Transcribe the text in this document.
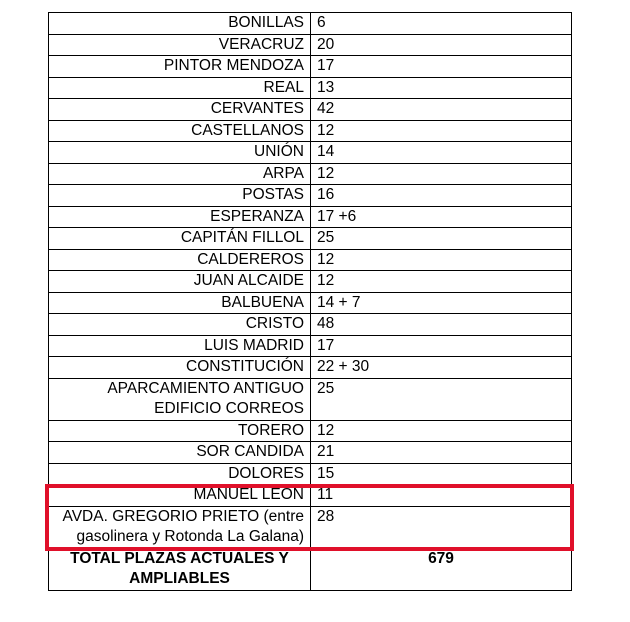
BONILLAS	6
VERACRUZ	20
PINTOR MENDOZA	17
REAL	13
CERVANTES	42
CASTELLANOS	12
UNIÓN	14
ARPA	12
POSTAS	16
ESPERANZA	17 +6
CAPITÁN FILLOL	25
CALDEREROS	12
JUAN ALCAIDE	12
BALBUENA	14 + 7
CRISTO	48
LUIS MADRID	17
CONSTITUCIÓN	22 + 30
APARCAMIENTO ANTIGUO EDIFICIO CORREOS	25
TORERO	12
SOR CANDIDA	21
DOLORES	15
MANUEL LEÓN	11
AVDA. GREGORIO PRIETO (entre gasolinera y Rotonda La Galana)	28
TOTAL PLAZAS ACTUALES Y AMPLIABLES	679
